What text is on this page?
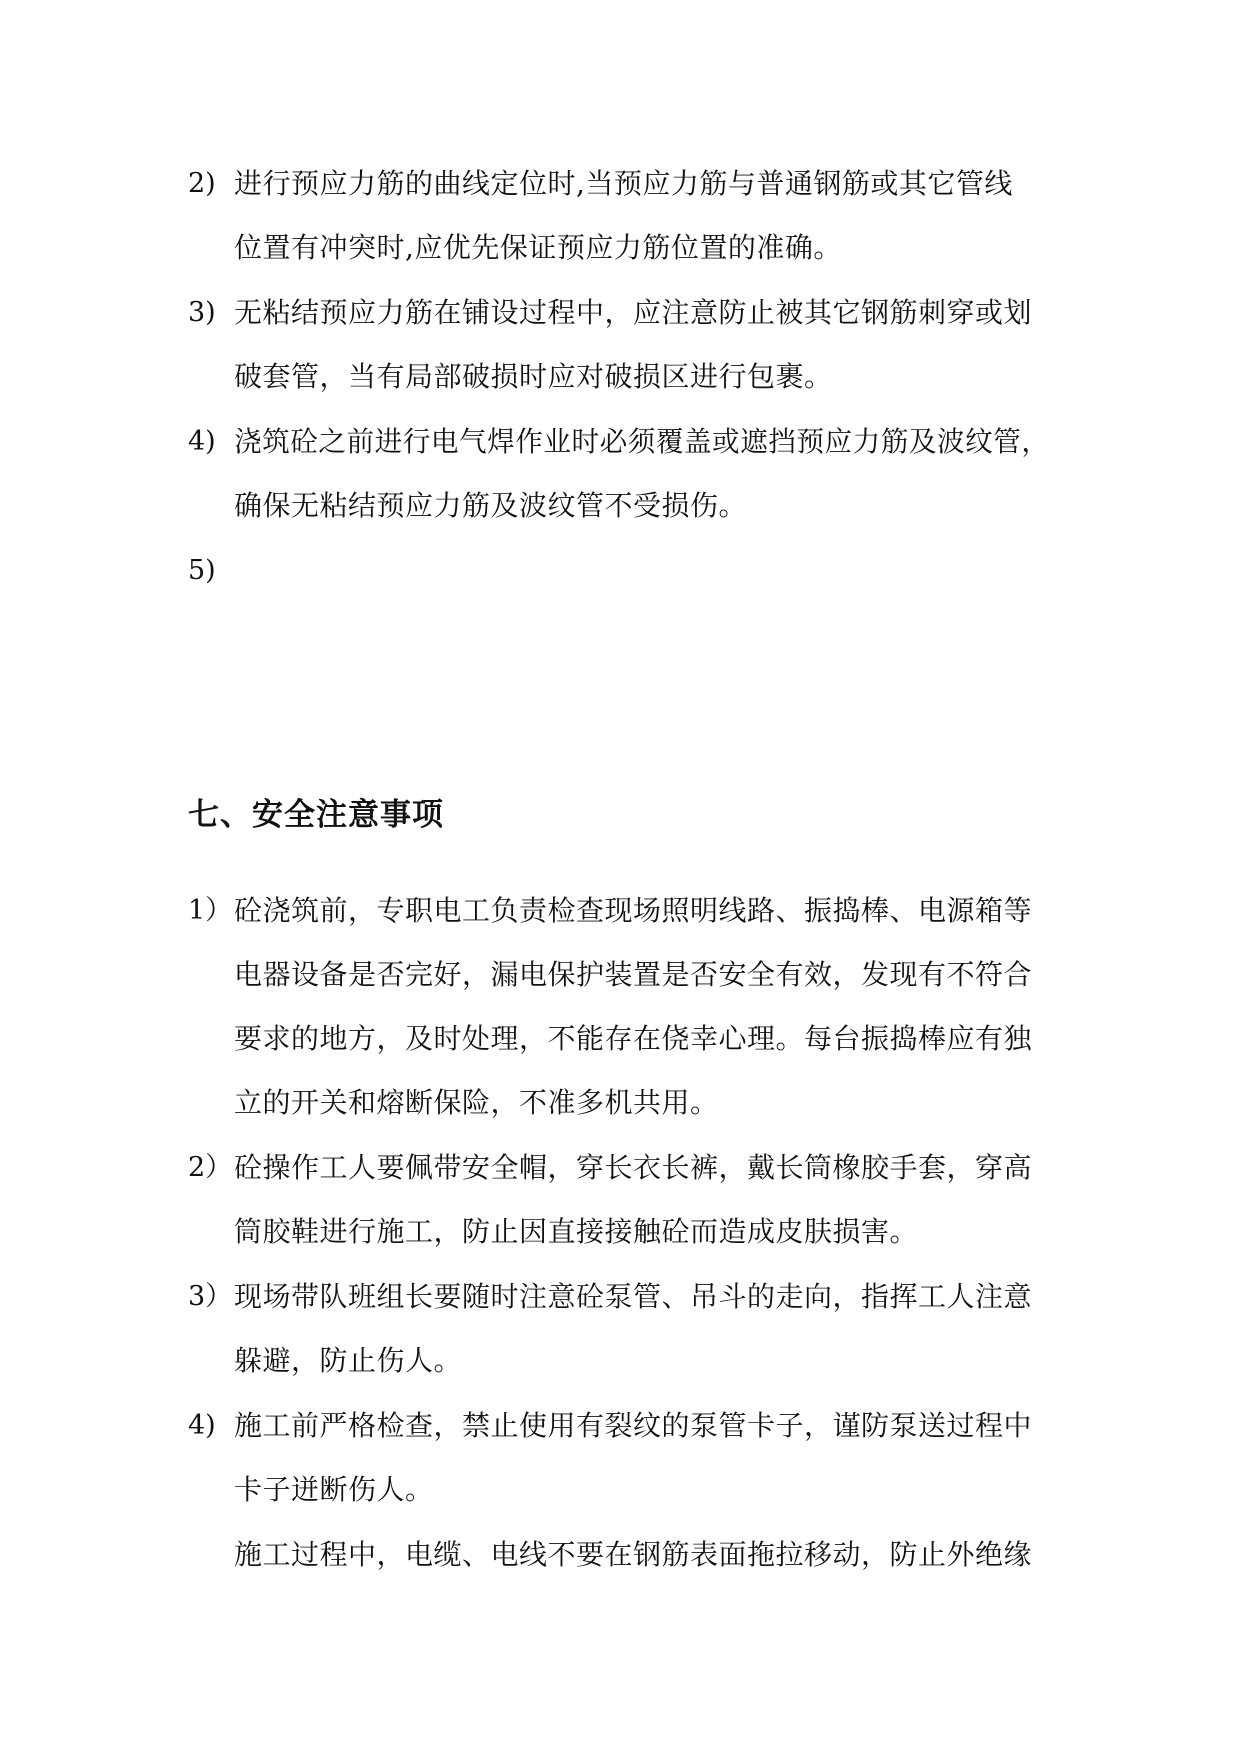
2) 进行预应力筋的曲线定位时,当预应力筋与普通钢筋或其它管线
位置有冲突时,应优先保证预应力筋位置的准确。
3) 无粘结预应力筋在铺设过程中，应注意防止被其它钢筋刺穿或划
破套管，当有局部破损时应对破损区进行包裹。
4) 浇筑砼之前进行电气焊作业时必须覆盖或遮挡预应力筋及波纹管，
确保无粘结预应力筋及波纹管不受损伤。
5)
七、安全注意事项
1） 砼浇筑前，专职电工负责检查现场照明线路、振捣棒、电源箱等
电器设备是否完好，漏电保护装置是否安全有效，发现有不符合
要求的地方，及时处理，不能存在侥幸心理。每台振捣棒应有独
立的开关和熔断保险，不准多机共用。
2） 砼操作工人要佩带安全帽，穿长衣长裤，戴长筒橡胶手套，穿高
筒胶鞋进行施工，防止因直接接触砼而造成皮肤损害。
3） 现场带队班组长要随时注意砼泵管、吊斗的走向，指挥工人注意
躲避，防止伤人。
4) 施工前严格检查，禁止使用有裂纹的泵管卡子，谨防泵送过程中
卡子迸断伤人。
施工过程中，电缆、电线不要在钢筋表面拖拉移动，防止外绝缘
